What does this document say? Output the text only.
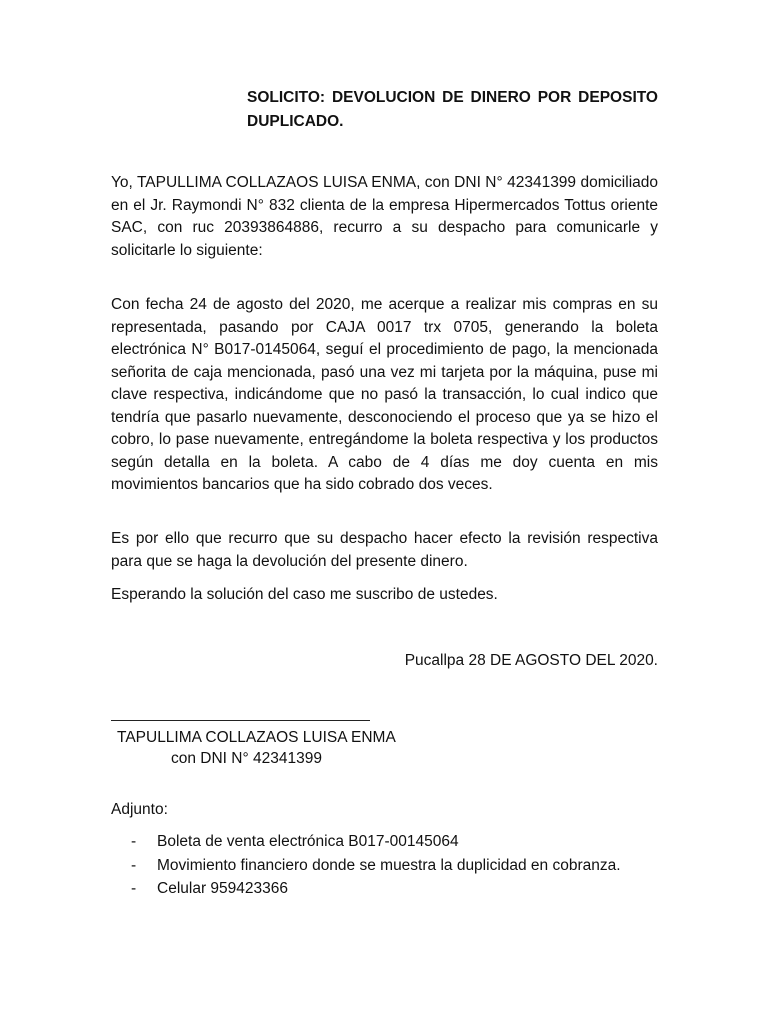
SOLICITO: DEVOLUCION DE DINERO POR DEPOSITO DUPLICADO.

Yo, TAPULLIMA COLLAZAOS LUISA ENMA, con DNI N° 42341399 domiciliado en el Jr. Raymondi N° 832 clienta de la empresa Hipermercados Tottus oriente SAC, con ruc 20393864886, recurro a su despacho para comunicarle y solicitarle lo siguiente:

Con fecha 24 de agosto del 2020, me acerque a realizar mis compras en su representada, pasando por CAJA 0017 trx 0705, generando la boleta electrónica N° B017-0145064, seguí el procedimiento de pago, la mencionada señorita de caja mencionada, pasó una vez mi tarjeta por la máquina, puse mi clave respectiva, indicándome que no pasó la transacción, lo cual indico que tendría que pasarlo nuevamente, desconociendo el proceso que ya se hizo el cobro, lo pase nuevamente, entregándome la boleta respectiva y los productos según detalla en la boleta. A cabo de 4 días me doy cuenta en mis movimientos bancarios que ha sido cobrado dos veces.

Es por ello que recurro que su despacho hacer efecto la revisión respectiva para que se haga la devolución del presente dinero.

Esperando la solución del caso me suscribo de ustedes.

Pucallpa 28 DE AGOSTO DEL 2020.
TAPULLIMA COLLAZAOS LUISA ENMA
con DNI N° 42341399
Adjunto:
- Boleta de venta electrónica B017-00145064
- Movimiento financiero donde se muestra la duplicidad en cobranza.
- Celular 959423366
